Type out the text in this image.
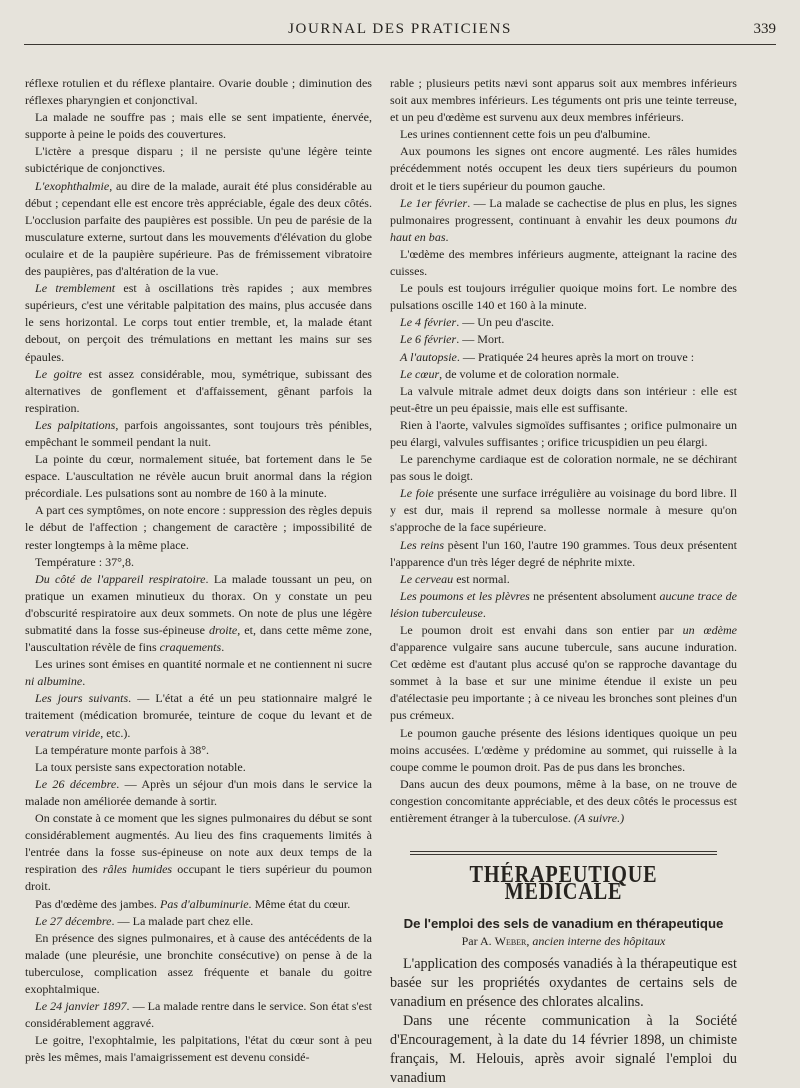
JOURNAL DES PRATICIENS	339

réflexe rotulien et du réflexe plantaire. Ovarie double ; diminution des réflexes pharyngien et conjonctival.

La malade ne souffre pas ; mais elle se sent impatiente, énervée, supporte à peine le poids des couvertures.

L'ictère a presque disparu ; il ne persiste qu'une légère teinte subictérique de conjonctives.

L'exophthalmie, au dire de la malade, aurait été plus considérable au début ; cependant elle est encore très appréciable, égale des deux côtés. L'occlusion parfaite des paupières est possible. Un peu de parésie de la musculature externe, surtout dans les mouvements d'élévation du globe oculaire et de la paupière supérieure. Pas de frémissement vibratoire des paupières, pas d'altération de la vue.

Le tremblement est à oscillations très rapides ; aux membres supérieurs, c'est une véritable palpitation des mains, plus accusée dans le sens horizontal. Le corps tout entier tremble, et, la malade étant debout, on perçoit des trémulations en mettant les mains sur ses épaules.

Le goitre est assez considérable, mou, symétrique, subissant des alternatives de gonflement et d'affaissement, gênant parfois la respiration.

Les palpitations, parfois angoissantes, sont toujours très pénibles, empêchant le sommeil pendant la nuit.

La pointe du cœur, normalement située, bat fortement dans le 5e espace. L'auscultation ne révèle aucun bruit anormal dans la région précordiale. Les pulsations sont au nombre de 160 à la minute.

A part ces symptômes, on note encore : suppression des règles depuis le début de l'affection ; changement de caractère ; impossibilité de rester longtemps à la même place.

Température : 37°,8.

Du côté de l'appareil respiratoire. La malade toussant un peu, on pratique un examen minutieux du thorax. On y constate un peu d'obscurité respiratoire aux deux sommets. On note de plus une légère submatité dans la fosse sus-épineuse droite, et, dans cette même zone, l'auscultation révèle de fins craquements.

Les urines sont émises en quantité normale et ne contiennent ni sucre ni albumine.

Les jours suivants. — L'état a été un peu stationnaire malgré le traitement (médication bromurée, teinture de coque du levant et de veratrum viride, etc.).

La température monte parfois à 38°.

La toux persiste sans expectoration notable.

Le 26 décembre. — Après un séjour d'un mois dans le service la malade non améliorée demande à sortir.

On constate à ce moment que les signes pulmonaires du début se sont considérablement augmentés. Au lieu des fins craquements limités à l'entrée dans la fosse sus-épineuse on note aux deux temps de la respiration des râles humides occupant le tiers supérieur du poumon droit.

Pas d'œdème des jambes. Pas d'albuminurie. Même état du cœur.

Le 27 décembre. — La malade part chez elle.

En présence des signes pulmonaires, et à cause des antécédents de la malade (une pleurésie, une bronchite consécutive) on pense à de la tuberculose, complication assez fréquente et banale du goitre exophtalmique.

Le 24 janvier 1897. — La malade rentre dans le service. Son état s'est considérablement aggravé.

Le goitre, l'exophtalmie, les palpitations, l'état du cœur sont à peu près les mêmes, mais l'amaigrissement est devenu considé-

rable ; plusieurs petits nævi sont apparus soit aux membres inférieurs soit aux membres inférieurs. Les téguments ont pris une teinte terreuse, et un peu d'œdème est survenu aux deux membres inférieurs.

Les urines contiennent cette fois un peu d'albumine.

Aux poumons les signes ont encore augmenté. Les râles humides précédemment notés occupent les deux tiers supérieurs du poumon droit et le tiers supérieur du poumon gauche.

Le 1er février. — La malade se cachectise de plus en plus, les signes pulmonaires progressent, continuant à envahir les deux poumons du haut en bas.

L'œdème des membres inférieurs augmente, atteignant la racine des cuisses.

Le pouls est toujours irrégulier quoique moins fort. Le nombre des pulsations oscille 140 et 160 à la minute.

Le 4 février. — Un peu d'ascite.

Le 6 février. — Mort.

A l'autopsie. — Pratiquée 24 heures après la mort on trouve :

Le cœur, de volume et de coloration normale.

La valvule mitrale admet deux doigts dans son intérieur : elle est peut-être un peu épaissie, mais elle est suffisante.

Rien à l'aorte, valvules sigmoïdes suffisantes ; orifice pulmonaire un peu élargi, valvules suffisantes ; orifice tricuspidien un peu élargi.

Le parenchyme cardiaque est de coloration normale, ne se déchirant pas sous le doigt.

Le foie présente une surface irrégulière au voisinage du bord libre. Il y est dur, mais il reprend sa mollesse normale à mesure qu'on s'approche de la face supérieure.

Les reins pèsent l'un 160, l'autre 190 grammes. Tous deux présentent l'apparence d'un très léger degré de néphrite mixte.

Le cerveau est normal.

Les poumons et les plèvres ne présentent absolument aucune trace de lésion tuberculeuse.

Le poumon droit est envahi dans son entier par un œdème d'apparence vulgaire sans aucune tubercule, sans aucune induration. Cet œdème est d'autant plus accusé qu'on se rapproche davantage du sommet à la base et sur une minime étendue il existe un peu d'atélectasie peu importante ; à ce niveau les bronches sont pleines d'un pus crémeux.

Le poumon gauche présente des lésions identiques quoique un peu moins accusées. L'œdème y prédomine au sommet, qui ruisselle à la coupe comme le poumon droit. Pas de pus dans les bronches.

Dans aucun des deux poumons, même à la base, on ne trouve de congestion concomitante appréciable, et des deux côtés le processus est entièrement étranger à la tuberculose. (A suivre.)

THÉRAPEUTIQUE MÉDICALE
De l'emploi des sels de vanadium en thérapeutique
Par A. Weber, ancien interne des hôpitaux

L'application des composés vanadiés à la thérapeutique est basée sur les propriétés oxydantes de certains sels de vanadium en présence des chlorates alcalins.

Dans une récente communication à la Société d'Encouragement, à la date du 14 février 1898, un chimiste français, M. Helouis, après avoir signalé l'emploi du vanadium
